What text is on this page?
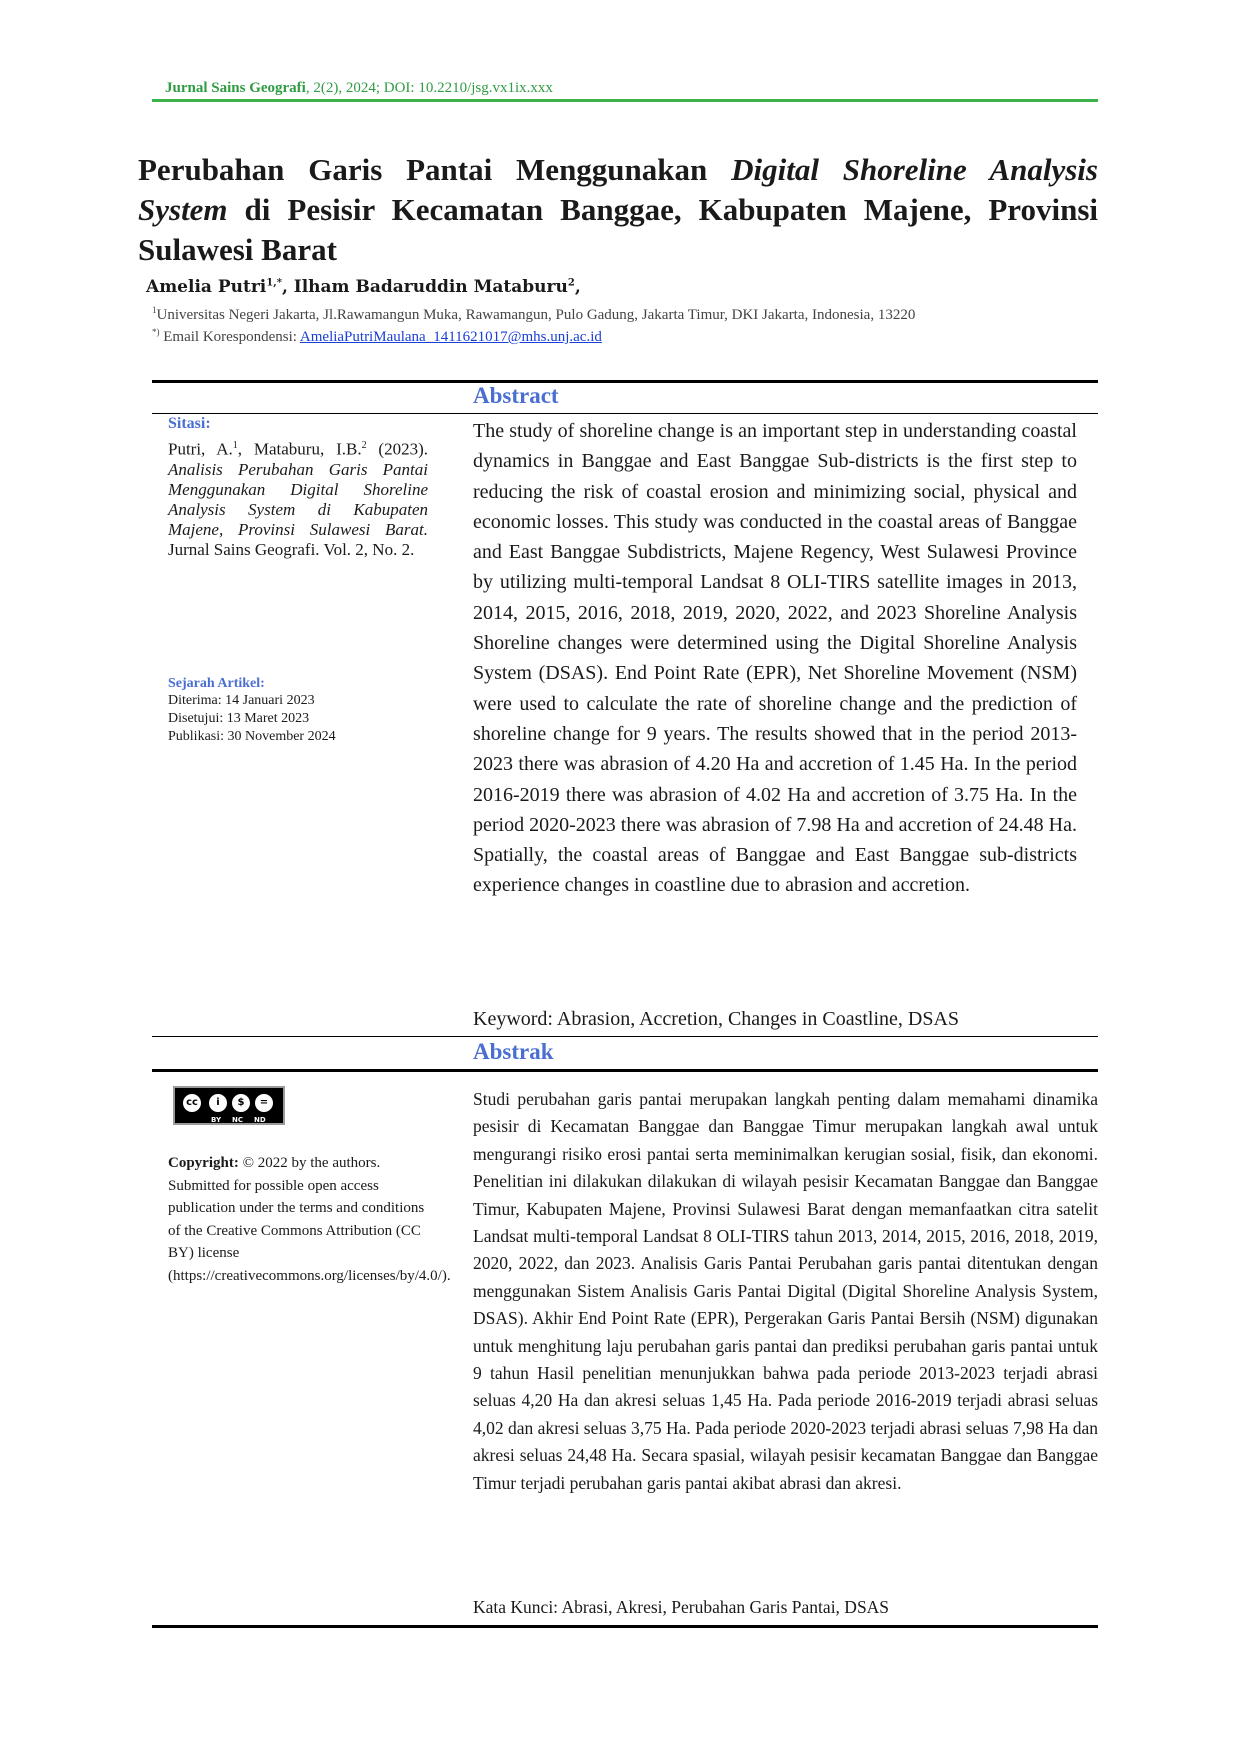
Jurnal Sains Geografi, 2(2), 2024; DOI: 10.2210/jsg.vx1ix.xxx
Perubahan Garis Pantai Menggunakan Digital Shoreline Analysis System di Pesisir Kecamatan Banggae, Kabupaten Majene, Provinsi Sulawesi Barat
Amelia Putri$^{1,*}$, Ilham Badaruddin Mataburu$^2$,
$^1$Universitas Negeri Jakarta, Jl.Rawamangun Muka, Rawamangun, Pulo Gadung, Jakarta Timur, DKI Jakarta, Indonesia, 13220
*) Email Korespondensi: AmeliaPutriMaulana_1411621017@mhs.unj.ac.id
Abstract
Sitasi:
Putri, A.$^1$, Mataburu, I.B.$^2$ (2023). Analisis Perubahan Garis Pantai Menggunakan Digital Shoreline Analysis System di Kabupaten Majene, Provinsi Sulawesi Barat. Jurnal Sains Geografi. Vol. 2, No. 2.
Sejarah Artikel:
Diterima: 14 Januari 2023
Disetujui: 13 Maret 2023
Publikasi: 30 November 2024

The study of shoreline change is an important step in understanding coastal dynamics in Banggae and East Banggae Sub-districts is the first step to reducing the risk of coastal erosion and minimizing social, physical and economic losses. This study was conducted in the coastal areas of Banggae and East Banggae Subdistricts, Majene Regency, West Sulawesi Province by utilizing multi-temporal Landsat 8 OLI-TIRS satellite images in 2013, 2014, 2015, 2016, 2018, 2019, 2020, 2022, and 2023 Shoreline Analysis Shoreline changes were determined using the Digital Shoreline Analysis System (DSAS). End Point Rate (EPR), Net Shoreline Movement (NSM) were used to calculate the rate of shoreline change and the prediction of shoreline change for 9 years. The results showed that in the period 2013-2023 there was abrasion of 4.20 Ha and accretion of 1.45 Ha. In the period 2016-2019 there was abrasion of 4.02 Ha and accretion of 3.75 Ha. In the period 2020-2023 there was abrasion of 7.98 Ha and accretion of 24.48 Ha. Spatially, the coastal areas of Banggae and East Banggae sub-districts experience changes in coastline due to abrasion and accretion.

Keyword: Abrasion, Accretion, Changes in Coastline, DSAS
Abstrak
cc	i	$	=
BY NC ND
Copyright: © 2022 by the authors. Submitted for possible open access publication under the terms and conditions of the Creative Commons Attribution (CC BY) license (https://creativecommons.org/licenses/by/4.0/).

Studi perubahan garis pantai merupakan langkah penting dalam memahami dinamika pesisir di Kecamatan Banggae dan Banggae Timur merupakan langkah awal untuk mengurangi risiko erosi pantai serta meminimalkan kerugian sosial, fisik, dan ekonomi. Penelitian ini dilakukan dilakukan di wilayah pesisir Kecamatan Banggae dan Banggae Timur, Kabupaten Majene, Provinsi Sulawesi Barat dengan memanfaatkan citra satelit Landsat multi-temporal Landsat 8 OLI-TIRS tahun 2013, 2014, 2015, 2016, 2018, 2019, 2020, 2022, dan 2023. Analisis Garis Pantai Perubahan garis pantai ditentukan dengan menggunakan Sistem Analisis Garis Pantai Digital (Digital Shoreline Analysis System, DSAS). Akhir End Point Rate (EPR), Pergerakan Garis Pantai Bersih (NSM) digunakan untuk menghitung laju perubahan garis pantai dan prediksi perubahan garis pantai untuk 9 tahun Hasil penelitian menunjukkan bahwa pada periode 2013-2023 terjadi abrasi seluas 4,20 Ha dan akresi seluas 1,45 Ha. Pada periode 2016-2019 terjadi abrasi seluas 4,02 dan akresi seluas 3,75 Ha. Pada periode 2020-2023 terjadi abrasi seluas 7,98 Ha dan akresi seluas 24,48 Ha. Secara spasial, wilayah pesisir kecamatan Banggae dan Banggae Timur terjadi perubahan garis pantai akibat abrasi dan akresi.

Kata Kunci: Abrasi, Akresi, Perubahan Garis Pantai, DSAS
